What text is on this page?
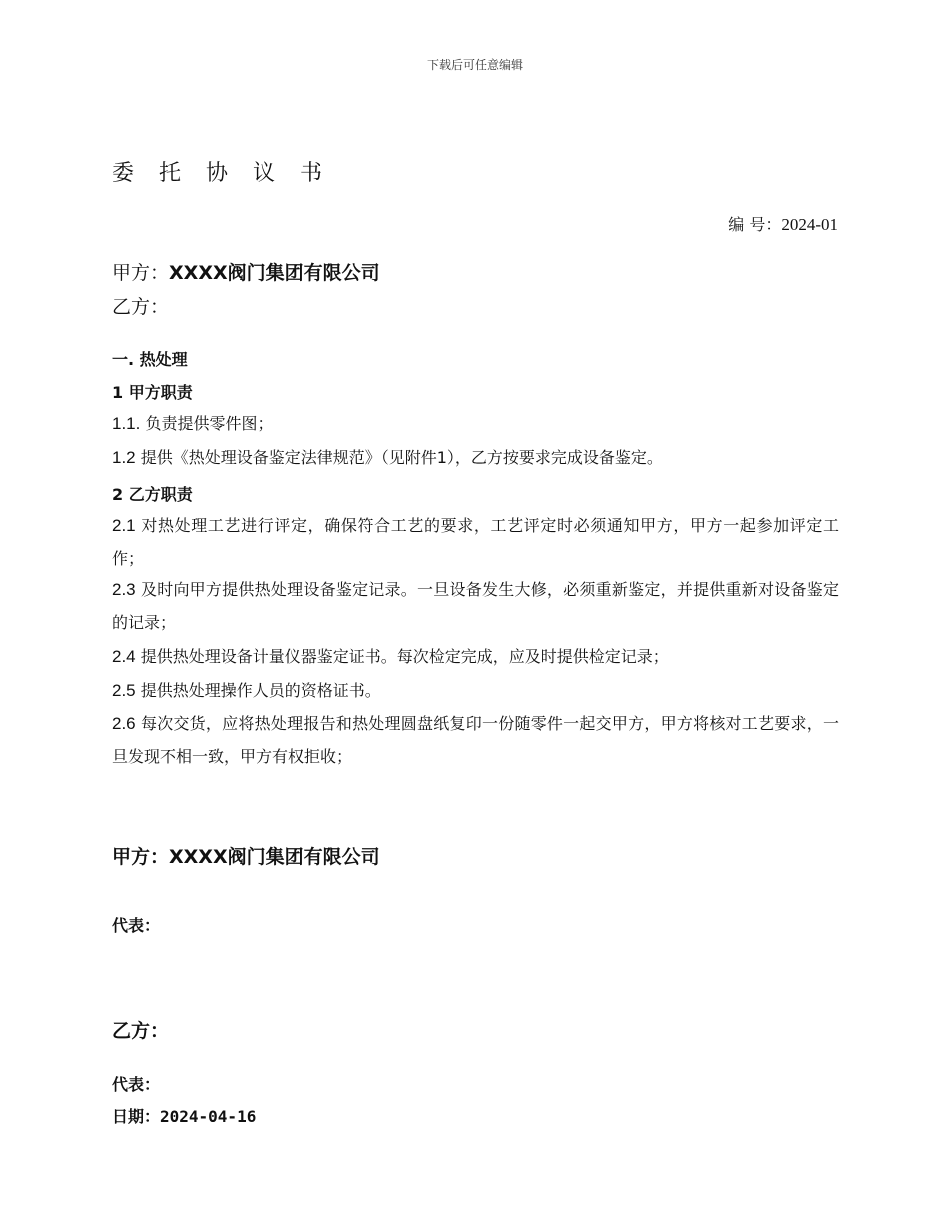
下载后可任意编辑
委 托 协 议 书
编 号：2024-01
甲方：XXXX阀门集团有限公司
乙方：
一. 热处理
1 甲方职责
1.1. 负责提供零件图；
1.2 提供《热处理设备鉴定法律规范》（见附件1），乙方按要求完成设备鉴定。
2 乙方职责
2.1 对热处理工艺进行评定，确保符合工艺的要求，工艺评定时必须通知甲方，甲方一起参加评定工作；
2.3 及时向甲方提供热处理设备鉴定记录。一旦设备发生大修，必须重新鉴定，并提供重新对设备鉴定的记录；
2.4 提供热处理设备计量仪器鉴定证书。每次检定完成，应及时提供检定记录；
2.5 提供热处理操作人员的资格证书。
2.6 每次交货，应将热处理报告和热处理圆盘纸复印一份随零件一起交甲方，甲方将核对工艺要求，一旦发现不相一致，甲方有权拒收；
甲方：XXXX阀门集团有限公司
代表：
乙方：
代表：
日期：2024-04-16
